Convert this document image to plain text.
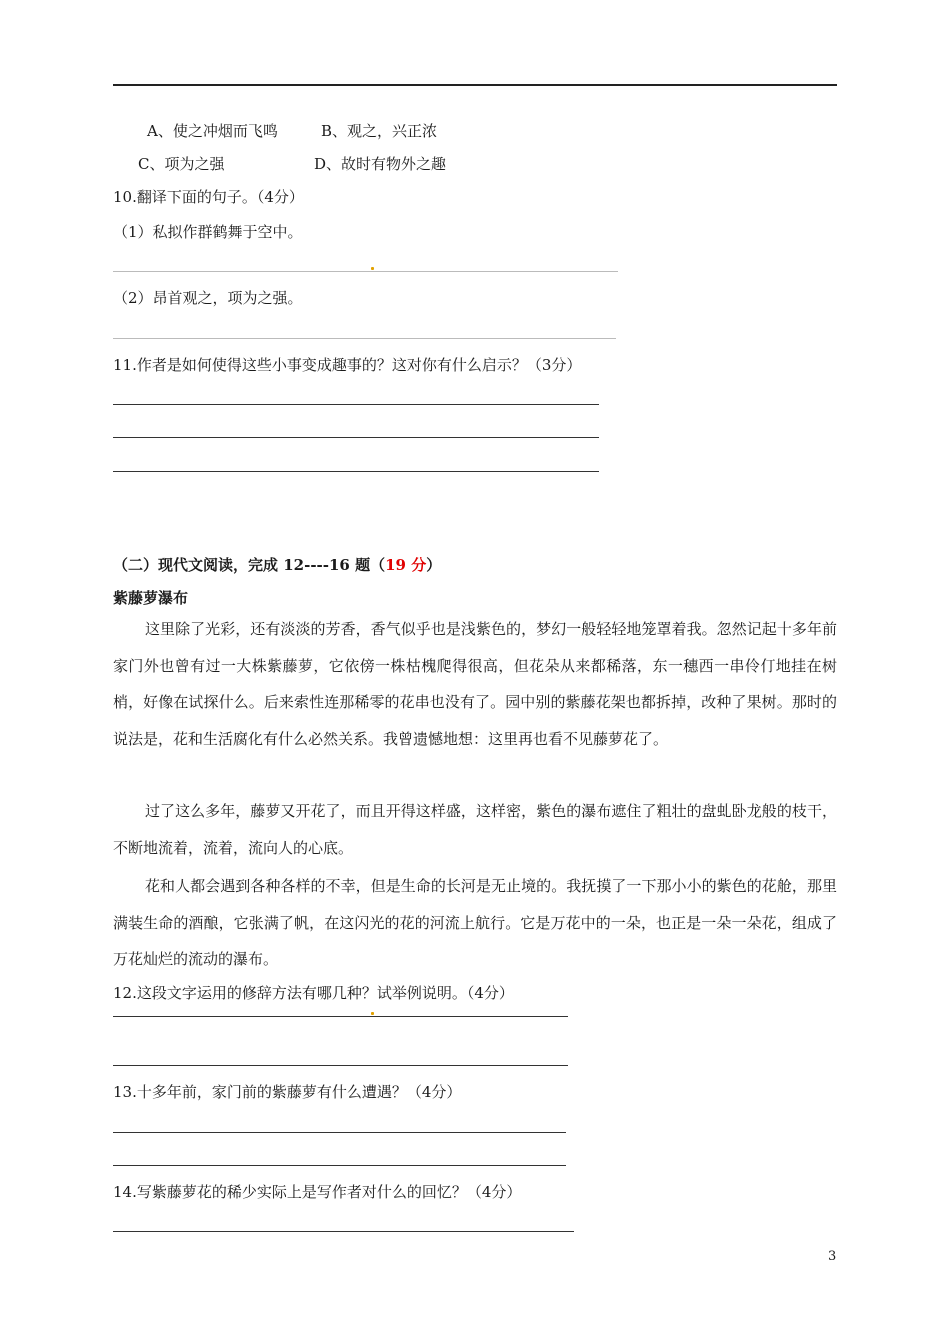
A、使之冲烟而飞鸣	B、观之，兴正浓
C、项为之强	D、故时有物外之趣
10.翻译下面的句子。（4分）
（1）私拟作群鹤舞于空中。
（2）昂首观之，项为之强。
11.作者是如何使得这些小事变成趣事的？这对你有什么启示？（3分）
（二）现代文阅读，完成 12----16 题（19 分）
紫藤萝瀑布
这里除了光彩，还有淡淡的芳香，香气似乎也是浅紫色的，梦幻一般轻轻地笼罩着我。忽然记起十多年前家门外也曾有过一大株紫藤萝，它依傍一株枯槐爬得很高，但花朵从来都稀落，东一穗西一串伶仃地挂在树梢，好像在试探什么。后来索性连那稀零的花串也没有了。园中别的紫藤花架也都拆掉，改种了果树。那时的说法是，花和生活腐化有什么必然关系。我曾遗憾地想：这里再也看不见藤萝花了。
过了这么多年，藤萝又开花了，而且开得这样盛，这样密，紫色的瀑布遮住了粗壮的盘虬卧龙般的枝干，不断地流着，流着，流向人的心底。
花和人都会遇到各种各样的不幸，但是生命的长河是无止境的。我抚摸了一下那小小的紫色的花舱，那里满装生命的酒酿，它张满了帆，在这闪光的花的河流上航行。它是万花中的一朵，也正是一朵一朵花，组成了万花灿烂的流动的瀑布。
12.这段文字运用的修辞方法有哪几种？试举例说明。（4分）
13.十多年前，家门前的紫藤萝有什么遭遇？（4分）
14.写紫藤萝花的稀少实际上是写作者对什么的回忆？（4分）
3
